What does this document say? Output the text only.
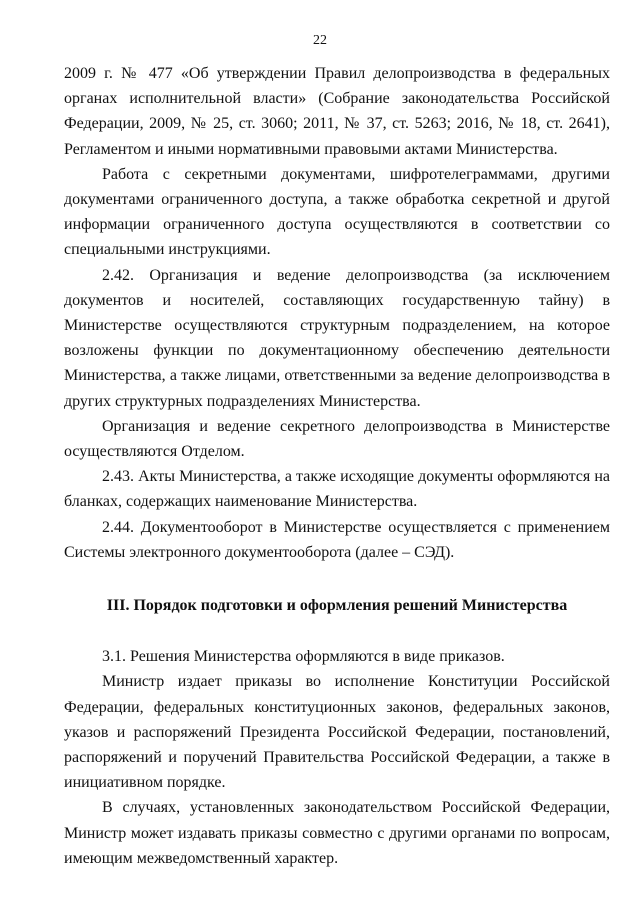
22

2009 г. № 477 «Об утверждении Правил делопроизводства в федеральных органах исполнительной власти» (Собрание законодательства Российской Федерации, 2009, № 25, ст. 3060; 2011, № 37, ст. 5263; 2016, № 18, ст. 2641), Регламентом и иными нормативными правовыми актами Министерства.

Работа с секретными документами, шифротелеграммами, другими документами ограниченного доступа, а также обработка секретной и другой информации ограниченного доступа осуществляются в соответствии со специальными инструкциями.

2.42. Организация и ведение делопроизводства (за исключением документов и носителей, составляющих государственную тайну) в Министерстве осуществляются структурным подразделением, на которое возложены функции по документационному обеспечению деятельности Министерства, а также лицами, ответственными за ведение делопроизводства в других структурных подразделениях Министерства.

Организация и ведение секретного делопроизводства в Министерстве осуществляются Отделом.

2.43. Акты Министерства, а также исходящие документы оформляются на бланках, содержащих наименование Министерства.

2.44. Документооборот в Министерстве осуществляется с применением Системы электронного документооборота (далее – СЭД).

III. Порядок подготовки и оформления решений Министерства

3.1. Решения Министерства оформляются в виде приказов.

Министр издает приказы во исполнение Конституции Российской Федерации, федеральных конституционных законов, федеральных законов, указов и распоряжений Президента Российской Федерации, постановлений, распоряжений и поручений Правительства Российской Федерации, а также в инициативном порядке.

В случаях, установленных законодательством Российской Федерации, Министр может издавать приказы совместно с другими органами по вопросам, имеющим межведомственный характер.
